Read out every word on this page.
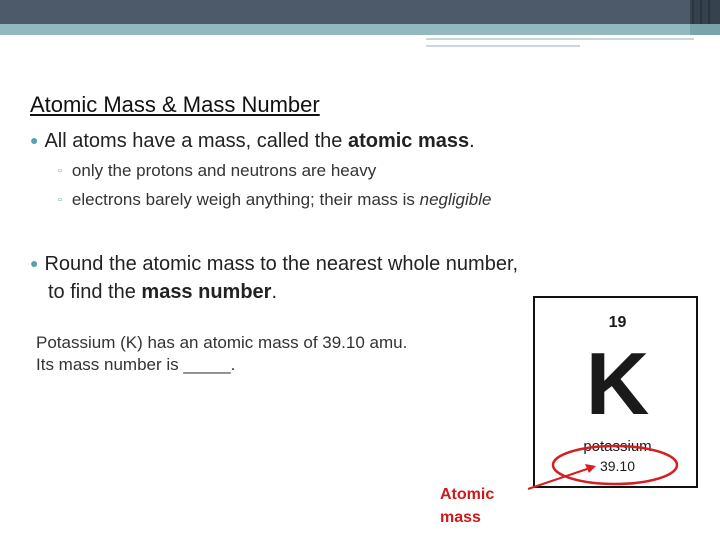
Atomic Mass & Mass Number
● All atoms have a mass, called the atomic mass.
▫ only the protons and neutrons are heavy
▫ electrons barely weigh anything; their mass is negligible
● Round the atomic mass to the nearest whole number,
to find the mass number.
Potassium (K) has an atomic mass of 39.10 amu.
Its mass number is _____.
19
K
potassium
39.10
Atomic
mass
